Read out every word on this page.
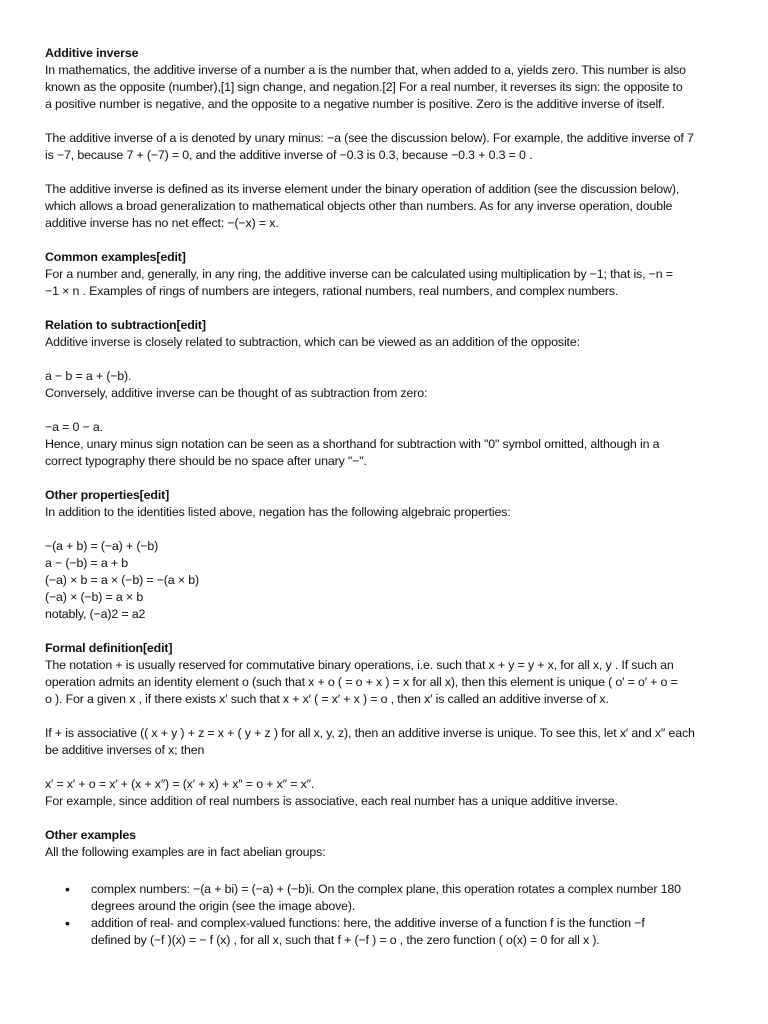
Additive inverse
In mathematics, the additive inverse of a number a is the number that, when added to a, yields zero. This number is also
known as the opposite (number),[1] sign change, and negation.[2] For a real number, it reverses its sign: the opposite to
a positive number is negative, and the opposite to a negative number is positive. Zero is the additive inverse of itself.
The additive inverse of a is denoted by unary minus: −a (see the discussion below). For example, the additive inverse of 7
is −7, because 7 + (−7) = 0, and the additive inverse of −0.3 is 0.3, because −0.3 + 0.3 = 0 .
The additive inverse is defined as its inverse element under the binary operation of addition (see the discussion below),
which allows a broad generalization to mathematical objects other than numbers. As for any inverse operation, double
additive inverse has no net effect: −(−x) = x.
Common examples[edit]
For a number and, generally, in any ring, the additive inverse can be calculated using multiplication by −1; that is, −n =
−1 × n . Examples of rings of numbers are integers, rational numbers, real numbers, and complex numbers.
Relation to subtraction[edit]
Additive inverse is closely related to subtraction, which can be viewed as an addition of the opposite:
a − b = a + (−b).
Conversely, additive inverse can be thought of as subtraction from zero:
−a = 0 − a.
Hence, unary minus sign notation can be seen as a shorthand for subtraction with "0" symbol omitted, although in a
correct typography there should be no space after unary "−".
Other properties[edit]
In addition to the identities listed above, negation has the following algebraic properties:
−(a + b) = (−a) + (−b)
a − (−b) = a + b
(−a) × b = a × (−b) = −(a × b)
(−a) × (−b) = a × b
notably, (−a)2 = a2
Formal definition[edit]
The notation + is usually reserved for commutative binary operations, i.e. such that x + y = y + x, for all x, y . If such an
operation admits an identity element o (such that x + o ( = o + x ) = x for all x), then this element is unique ( o′ = o′ + o =
o ). For a given x , if there exists x′ such that x + x′ ( = x′ + x ) = o , then x′ is called an additive inverse of x.
If + is associative (( x + y ) + z = x + ( y + z ) for all x, y, z), then an additive inverse is unique. To see this, let x′ and x″ each
be additive inverses of x; then
x′ = x′ + o = x′ + (x + x″) = (x′ + x) + x″ = o + x″ = x″.
For example, since addition of real numbers is associative, each real number has a unique additive inverse.
Other examples
All the following examples are in fact abelian groups:
• complex numbers: −(a + bi) = (−a) + (−b)i. On the complex plane, this operation rotates a complex number 180
degrees around the origin (see the image above).
• addition of real- and complex-valued functions: here, the additive inverse of a function f is the function −f
defined by (−f )(x) = − f (x) , for all x, such that f + (−f ) = o , the zero function ( o(x) = 0 for all x ).
